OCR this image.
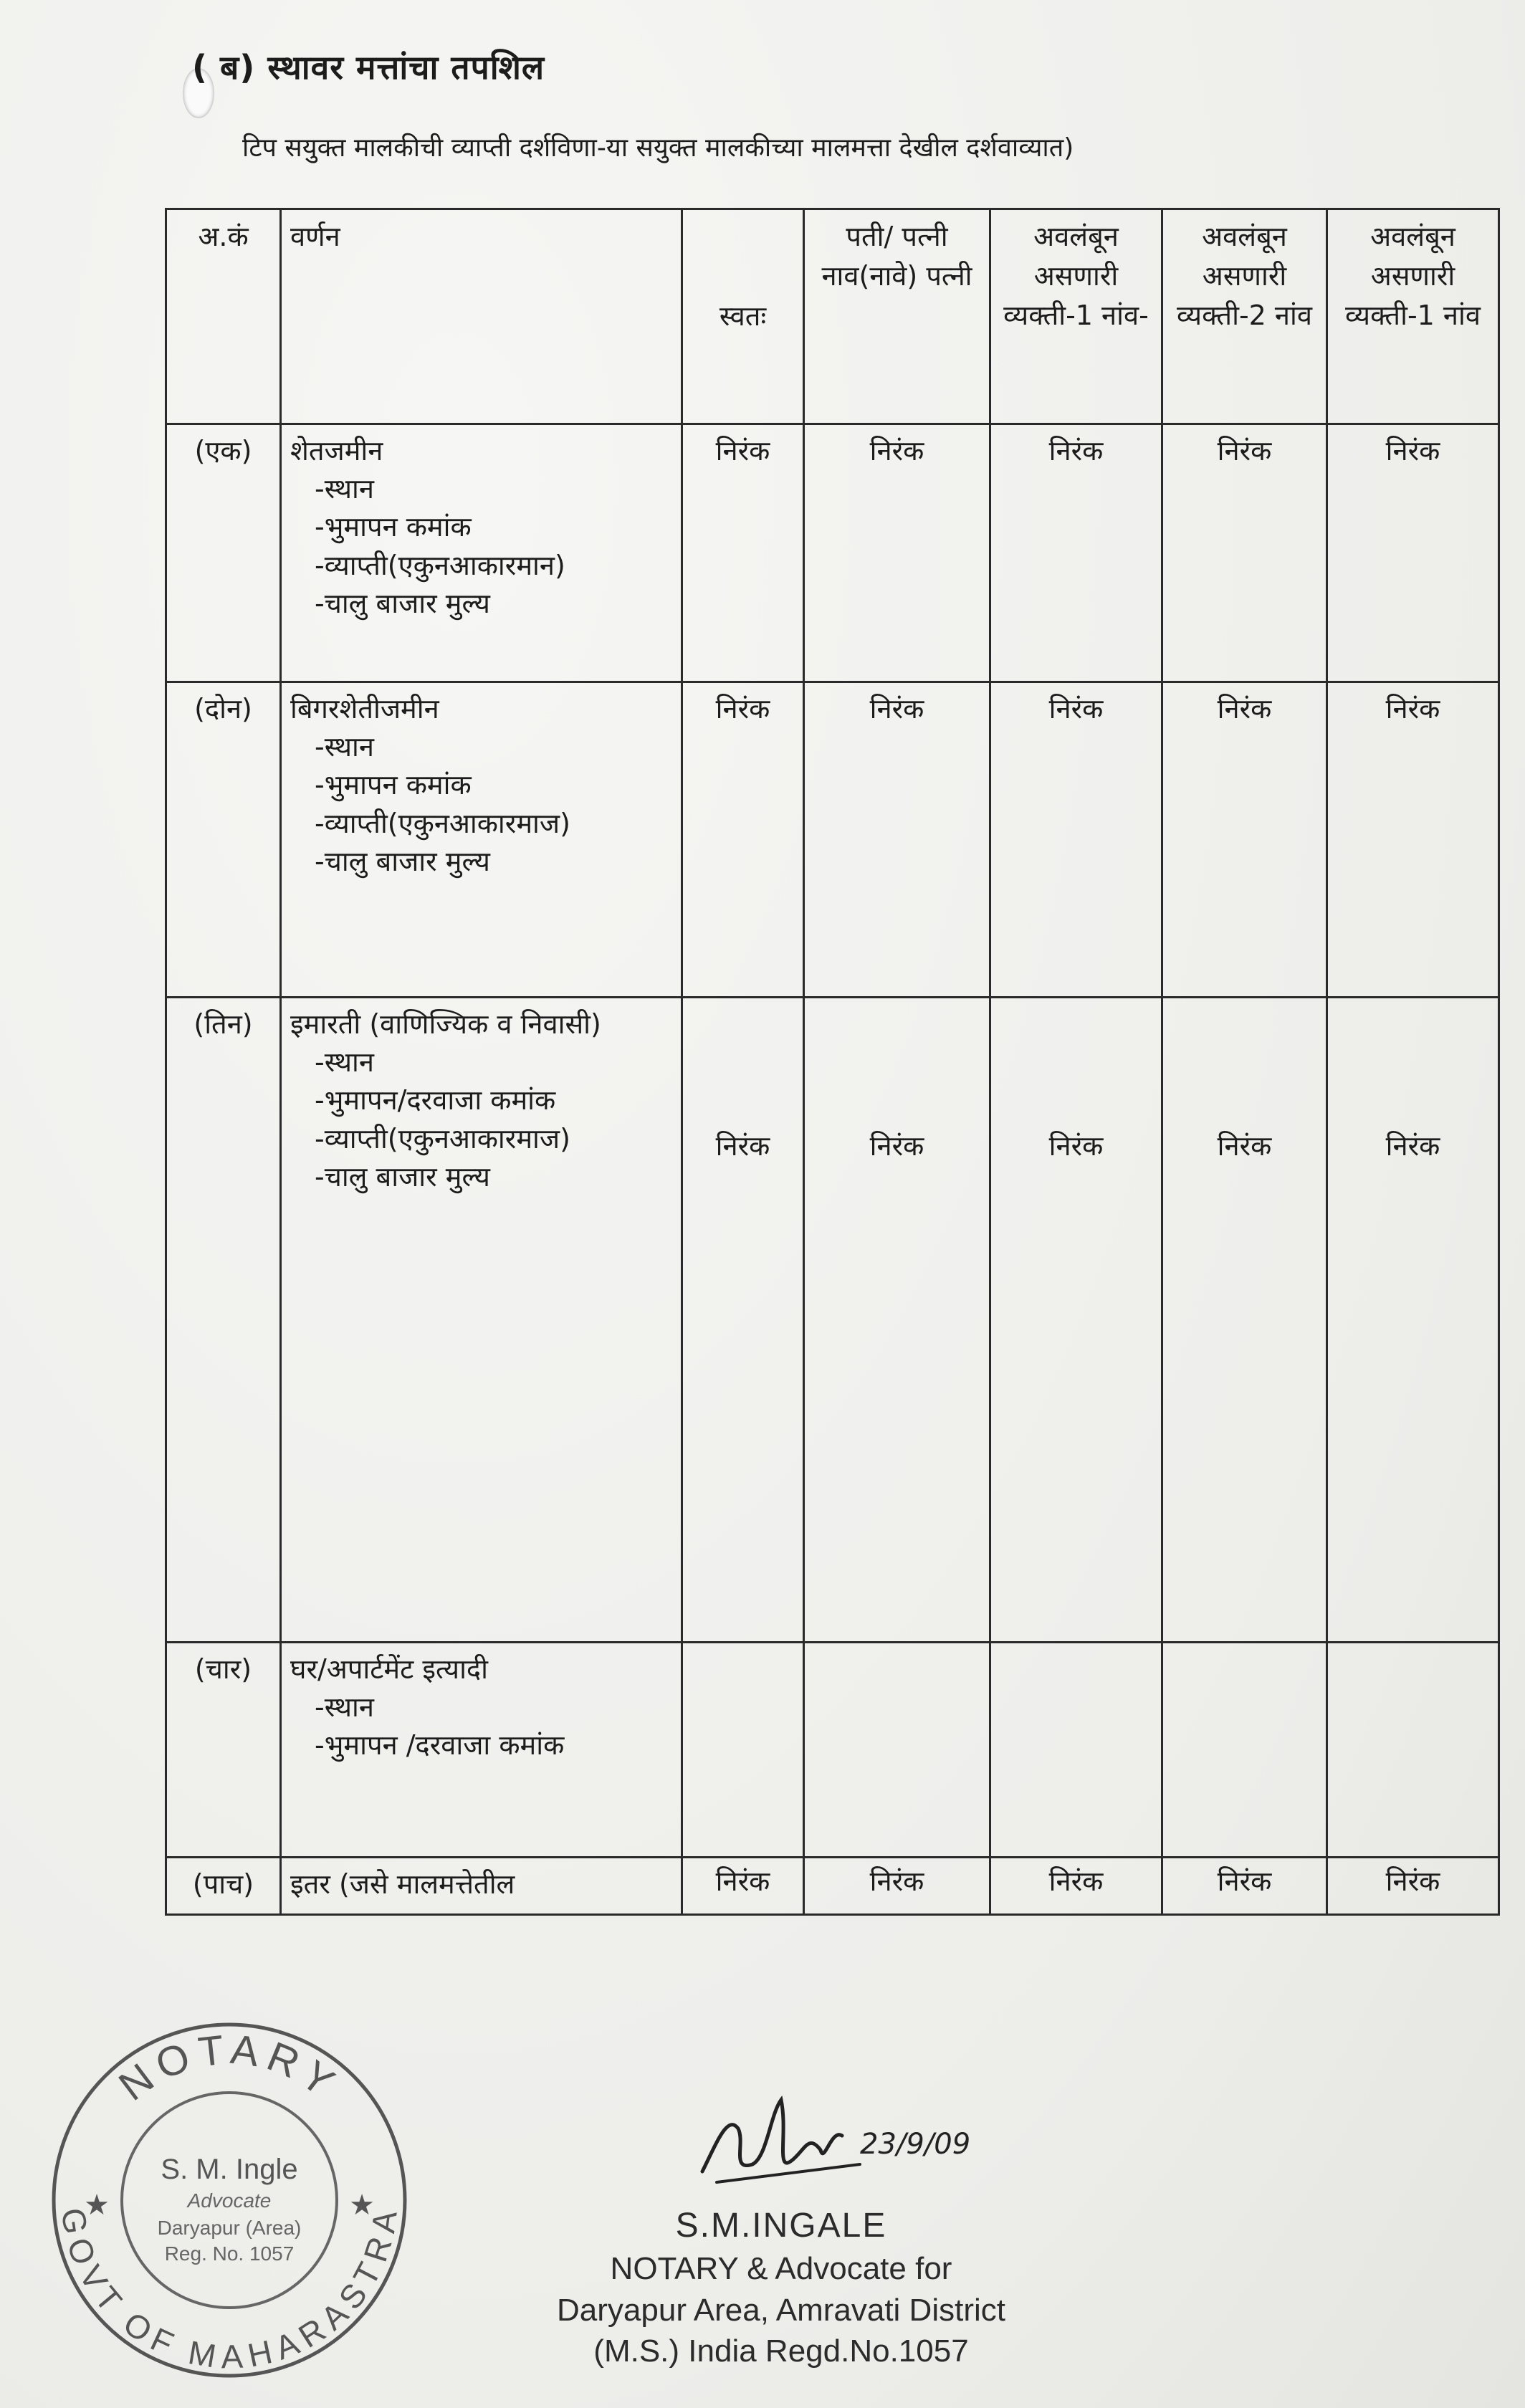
( ब) स्थावर मत्तांचा तपशिल
टिप सयुक्त मालकीची व्याप्ती दर्शविणा-या सयुक्त मालकीच्या मालमत्ता देखील दर्शवाव्यात)
अ.कं	वर्णन	स्वतः	पती/ पत्नी नाव(नावे) पत्नी	अवलंबून असणारी व्यक्ती-1 नांव-	अवलंबून असणारी व्यक्ती-2 नांव	अवलंबून असणारी व्यक्ती-1 नांव
(एक)	शेतजमीन
-स्थान
-भुमापन कमांक
-व्याप्ती(एकुनआकारमान)
-चालु बाजार मुल्य	निरंक	निरंक	निरंक	निरंक	निरंक
(दोन)	बिगरशेतीजमीन
-स्थान
-भुमापन कमांक
-व्याप्ती(एकुनआकारमाज)
-चालु बाजार मुल्य	निरंक	निरंक	निरंक	निरंक	निरंक
(तिन)	इमारती (वाणिज्यिक व निवासी)
-स्थान
-भुमापन/दरवाजा कमांक
-व्याप्ती(एकुनआकारमाज)
-चालु बाजार मुल्य	निरंक	निरंक	निरंक	निरंक	निरंक
(चार)	घर/अपार्टमेंट इत्यादी
-स्थान
-भुमापन /दरवाजा कमांक					

(पाच)	इतर (जसे मालमत्तेतील	निरंक	निरंक	निरंक	निरंक	निरंक
NOTARY
GOVT OF MAHARASTRA
★	★
S. M. Ingle
Advocate
Daryapur (Area)
Reg. No. 1057
23/9/09
S.M.INGALE
NOTARY & Advocate for
Daryapur Area, Amravati District
(M.S.) India Regd.No.1057
